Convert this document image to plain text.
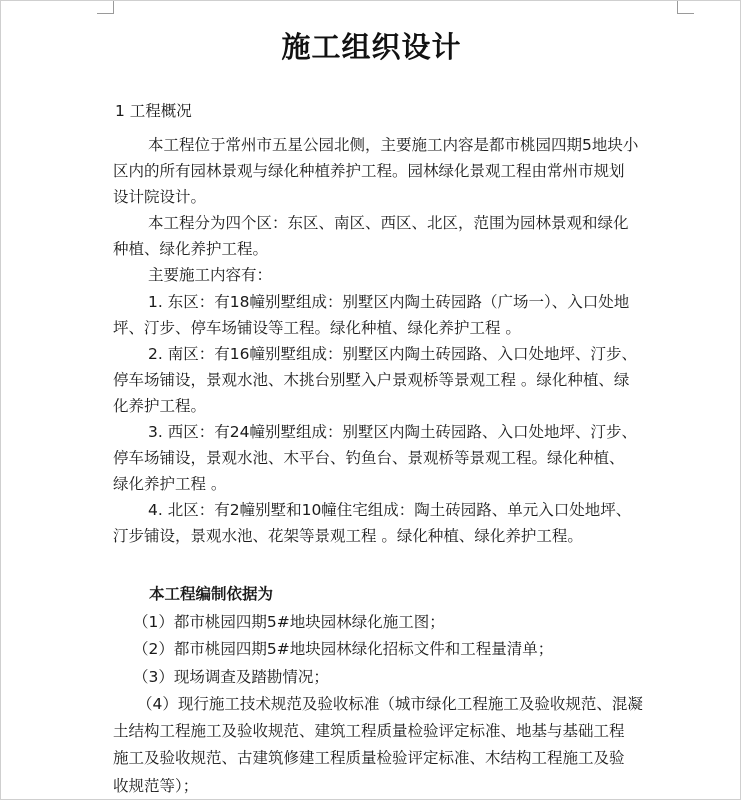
施工组织设计

1 工程概况

本工程位于常州市五星公园北侧，主要施工内容是都市桃园四期5地块小

区内的所有园林景观与绿化种植养护工程。园林绿化景观工程由常州市规划

设计院设计。

本工程分为四个区：东区、南区、西区、北区，范围为园林景观和绿化

种植、绿化养护工程。

主要施工内容有：

1. 东区：有18幢别墅组成：别墅区内陶土砖园路（广场一）、入口处地

坪、汀步、停车场铺设等工程。绿化种植、绿化养护工程 。

2. 南区：有16幢别墅组成：别墅区内陶土砖园路、入口处地坪、汀步、

停车场铺设，景观水池、木挑台别墅入户景观桥等景观工程 。绿化种植、绿

化养护工程。

3. 西区：有24幢别墅组成：别墅区内陶土砖园路、入口处地坪、汀步、

停车场铺设，景观水池、木平台、钓鱼台、景观桥等景观工程。绿化种植、

绿化养护工程 。

4. 北区：有2幢别墅和10幢住宅组成：陶土砖园路、单元入口处地坪、

汀步铺设，景观水池、花架等景观工程 。绿化种植、绿化养护工程。

本工程编制依据为

（1）都市桃园四期5#地块园林绿化施工图；

（2）都市桃园四期5#地块园林绿化招标文件和工程量清单；

（3）现场调查及踏勘情况；

（4）现行施工技术规范及验收标准（城市绿化工程施工及验收规范、混凝

土结构工程施工及验收规范、建筑工程质量检验评定标准、地基与基础工程

施工及验收规范、古建筑修建工程质量检验评定标准、木结构工程施工及验

收规范等）；
